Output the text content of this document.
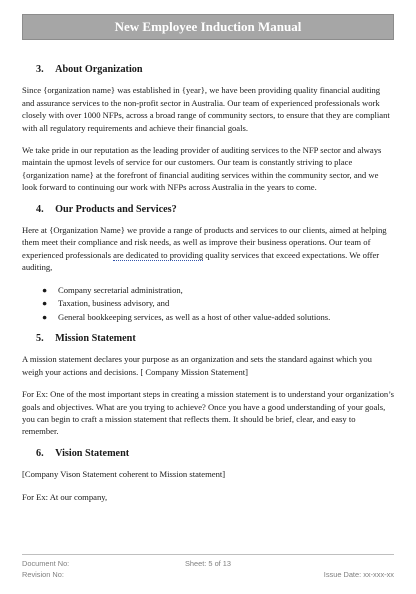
New Employee Induction Manual
3. About Organization

Since {organization name} was established in {year}, we have been providing quality financial auditing and assurance services to the non-profit sector in Australia. Our team of experienced professionals work closely with over 1000 NFPs, across a broad range of community sectors, to ensure that they are compliant with all regulatory requirements and achieve their financial goals.

We take pride in our reputation as the leading provider of auditing services to the NFP sector and always maintain the upmost levels of service for our customers. Our team is constantly striving to place {organization name} at the forefront of financial auditing services within the community sector, and we look forward to continuing our work with NFPs across Australia in the years to come.

4. Our Products and Services?

Here at {Organization Name} we provide a range of products and services to our clients, aimed at helping them meet their compliance and risk needs, as well as improve their business operations. Our team of experienced professionals are dedicated to providing quality services that exceed expectations. We offer auditing,

● Company secretarial administration,
● Taxation, business advisory, and
● General bookkeeping services, as well as a host of other value-added solutions.
5. Mission Statement

A mission statement declares your purpose as an organization and sets the standard against which you weigh your actions and decisions. [ Company Mission Statement]

For Ex: One of the most important steps in creating a mission statement is to understand your organization’s goals and objectives. What are you trying to achieve? Once you have a good understanding of your goals, you can begin to craft a mission statement that reflects them. It should be brief, clear, and easy to remember.

6. Vision Statement

[Company Vison Statement coherent to Mission statement]

For Ex: At our company,

Document No:	Sheet: 5 of 13
Revision No:	Issue Date: xx-xxx-xx
